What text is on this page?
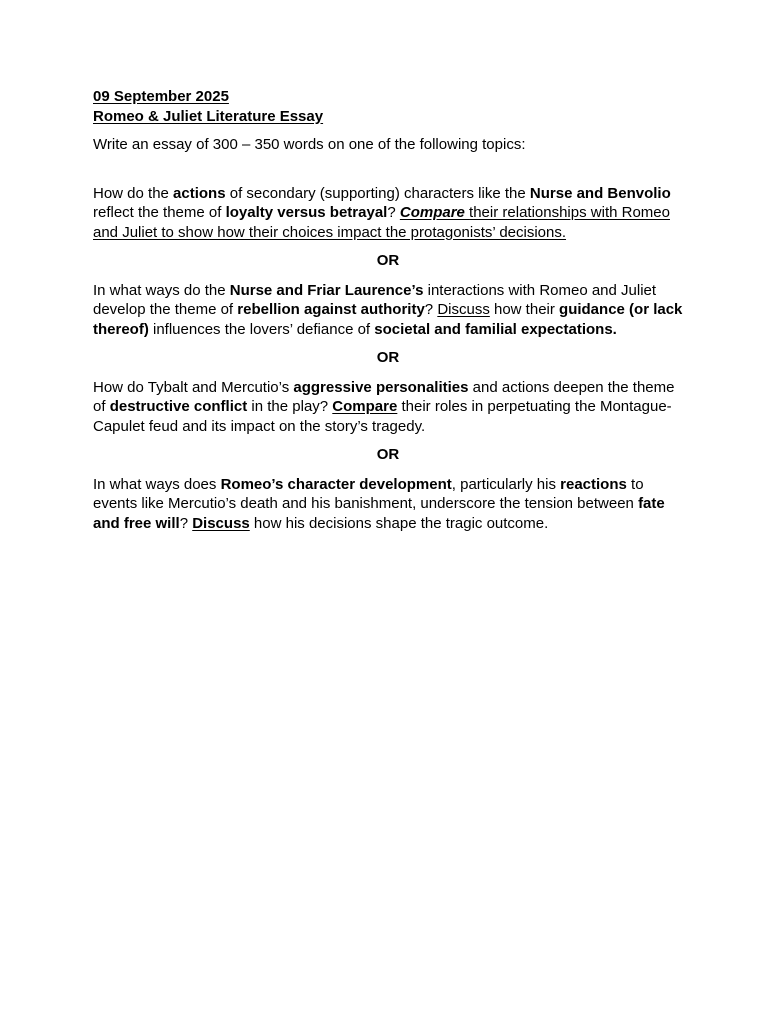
09 September 2025
Romeo & Juliet Literature Essay
Write an essay of 300 – 350 words on one of the following topics:

How do the actions of secondary (supporting) characters like the Nurse and Benvolio reflect the theme of loyalty versus betrayal? Compare their relationships with Romeo and Juliet to show how their choices impact the protagonists’ decisions.

OR

In what ways do the Nurse and Friar Laurence’s interactions with Romeo and Juliet develop the theme of rebellion against authority? Discuss how their guidance (or lack thereof) influences the lovers’ defiance of societal and familial expectations.

OR

How do Tybalt and Mercutio’s aggressive personalities and actions deepen the theme of destructive conflict in the play? Compare their roles in perpetuating the Montague-Capulet feud and its impact on the story’s tragedy.

OR

In what ways does Romeo’s character development, particularly his reactions to events like Mercutio’s death and his banishment, underscore the tension between fate and free will? Discuss how his decisions shape the tragic outcome.
